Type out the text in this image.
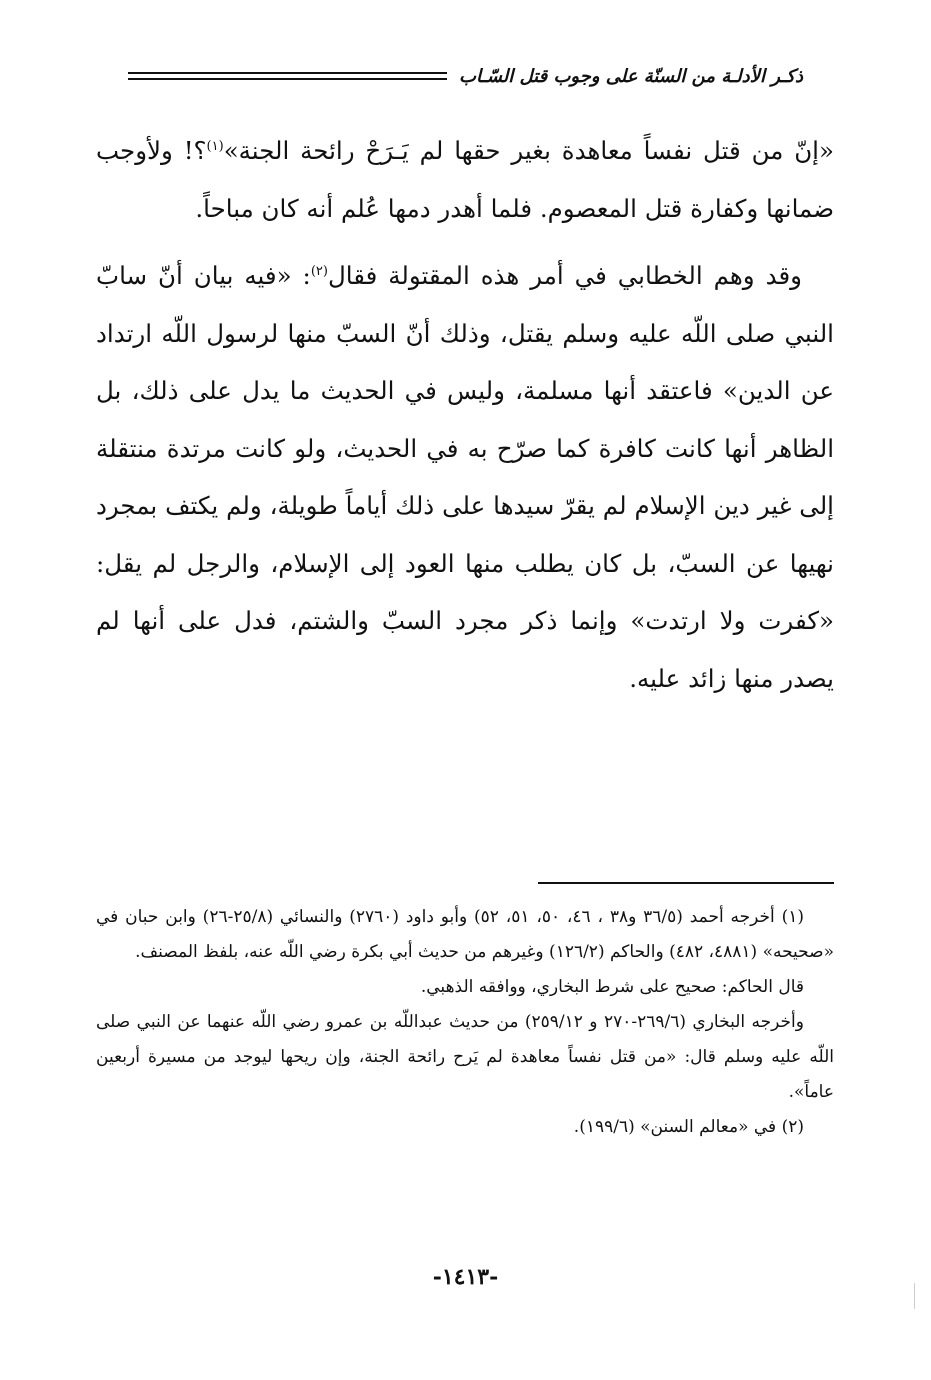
ذكـر الأدلـة من السنّة على وجوب قتل السّـاب

«إنّ من قتل نفساً معاهدة بغير حقها لم يَـرَحْ رائحة الجنة»$^{(١)}$؟! ولأوجب ضمانها وكفارة قتل المعصوم. فلما أهدر دمها عُلم أنه كان مباحاً.

وقد وهم الخطابي في أمر هذه المقتولة فقال$^{(٢)}$: «فيه بيان أنّ سابّ النبي صلى اللّه عليه وسلم يقتل، وذلك أنّ السبّ منها لرسول اللّه ارتداد عن الدين» فاعتقد أنها مسلمة، وليس في الحديث ما يدل على ذلك، بل الظاهر أنها كانت كافرة كما صرّح به في الحديث، ولو كانت مرتدة منتقلة إلى غير دين الإسلام لم يقرّ سيدها على ذلك أياماً طويلة، ولم يكتف بمجرد نهيها عن السبّ، بل كان يطلب منها العود إلى الإسلام، والرجل لم يقل: «كفرت ولا ارتدت» وإنما ذكر مجرد السبّ والشتم، فدل على أنها لم يصدر منها زائد عليه.

(١) أخرجه أحمد (٣٦/٥ و٣٨ ، ٤٦، ٥٠، ٥١، ٥٢) وأبو داود (٢٧٦٠) والنسائي (٢٥/٨-٢٦) وابن حبان في «صحيحه» (٤٨٨١، ٤٨٢) والحاكم (١٢٦/٢) وغيرهم من حديث أبي بكرة رضي اللّه عنه، بلفظ المصنف.

قال الحاكم: صحيح على شرط البخاري، ووافقه الذهبي.

وأخرجه البخاري (٢٦٩/٦-٢٧٠ و ٢٥٩/١٢) من حديث عبداللّه بن عمرو رضي اللّه عنهما عن النبي صلى اللّه عليه وسلم قال: «من قتل نفساً معاهدة لم يَرح رائحة الجنة، وإن ريحها ليوجد من مسيرة أربعين عاماً».

(٢) في «معالم السنن» (١٩٩/٦).

-١٤١٣-
